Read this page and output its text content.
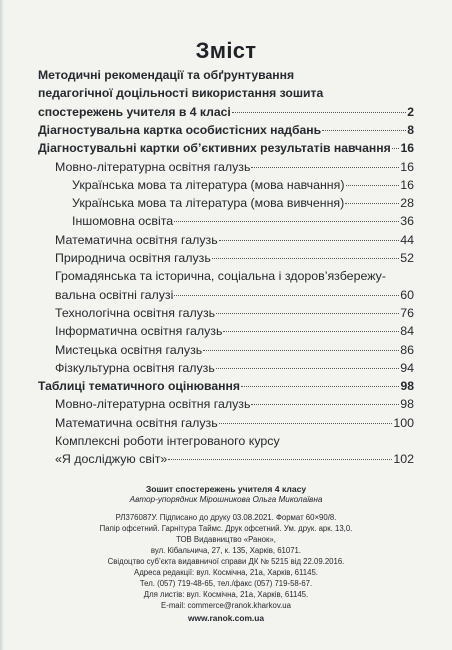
Зміст
Методичні рекомендації та обґрунтування
педагогічної доцільності використання зошита
спостережень учителя в 4 класі	2
Діагностувальна картка особистісних надбань	8
Діагностувальні картки об’єктивних результатів навчання 16
Мовно-літературна освітня галузь	16
Українська мова та література (мова навчання)	16
Українська мова та література (мова вивчення)	28
Іншомовна освіта	36
Математична освітня галузь	44
Природнича освітня галузь	52
Громадянська та історична, соціальна і здоров’язбережу-
вальна освітні галузі	60
Технологічна освітня галузь	76
Інформатична освітня галузь	84
Мистецька освітня галузь	86
Фізкультурна освітня галузь	94
Таблиці тематичного оцінювання	98
Мовно-літературна освітня галузь	98
Математична освітня галузь	100
Комплексні роботи інтегрованого курсу
«Я досліджую світ»	102
Зошит спостережень учителя 4 класу
Автор-упорядник Мірошникова Ольга Миколаївна
РЛ376087У. Підписано до друку 03.08.2021. Формат 60×90/8.
Папір офсетний. Гарнітура Таймс. Друк офсетний. Ум. друк. арк. 13,0.
ТОВ Видавництво «Ранок»,
вул. Кібальчича, 27, к. 135, Харків, 61071.
Свідоцтво суб’єкта видавничої справи ДК № 5215 від 22.09.2016.
Адреса редакції: вул. Космічна, 21а, Харків, 61145.
Тел. (057) 719-48-65, тел./факс (057) 719-58-67.
Для листів: вул. Космічна, 21а, Харків, 61145.
E-mail: commerce@ranok.kharkov.ua
www.ranok.com.ua
